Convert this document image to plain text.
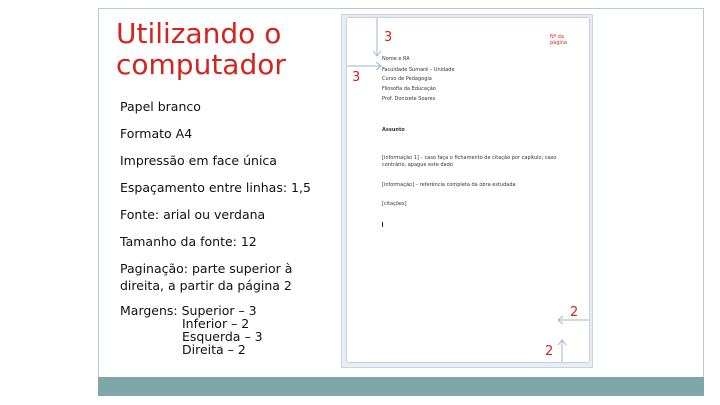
Utilizando o
computador
Papel branco
Formato A4
Impressão em face única
Espaçamento entre linhas: 1,5
Fonte: arial ou verdana
Tamanho da fonte: 12
Paginação: parte superior à
direita, a partir da página 2
Margens: Superior – 3
Inferior – 2
Esquerda – 3
Direita – 2
3
3
2
2
Nº da
página
Nome e RA
Faculdade Sumaré – Unidade
Curso de Pedagogia
Filosofia da Educação
Prof. Donizete Soares
Assunto
[informação 1] – caso faça o fichamento de citação por capítulo; caso
contrário, apague este dado
[informação] – referência completa da obra estudada
[citações]
